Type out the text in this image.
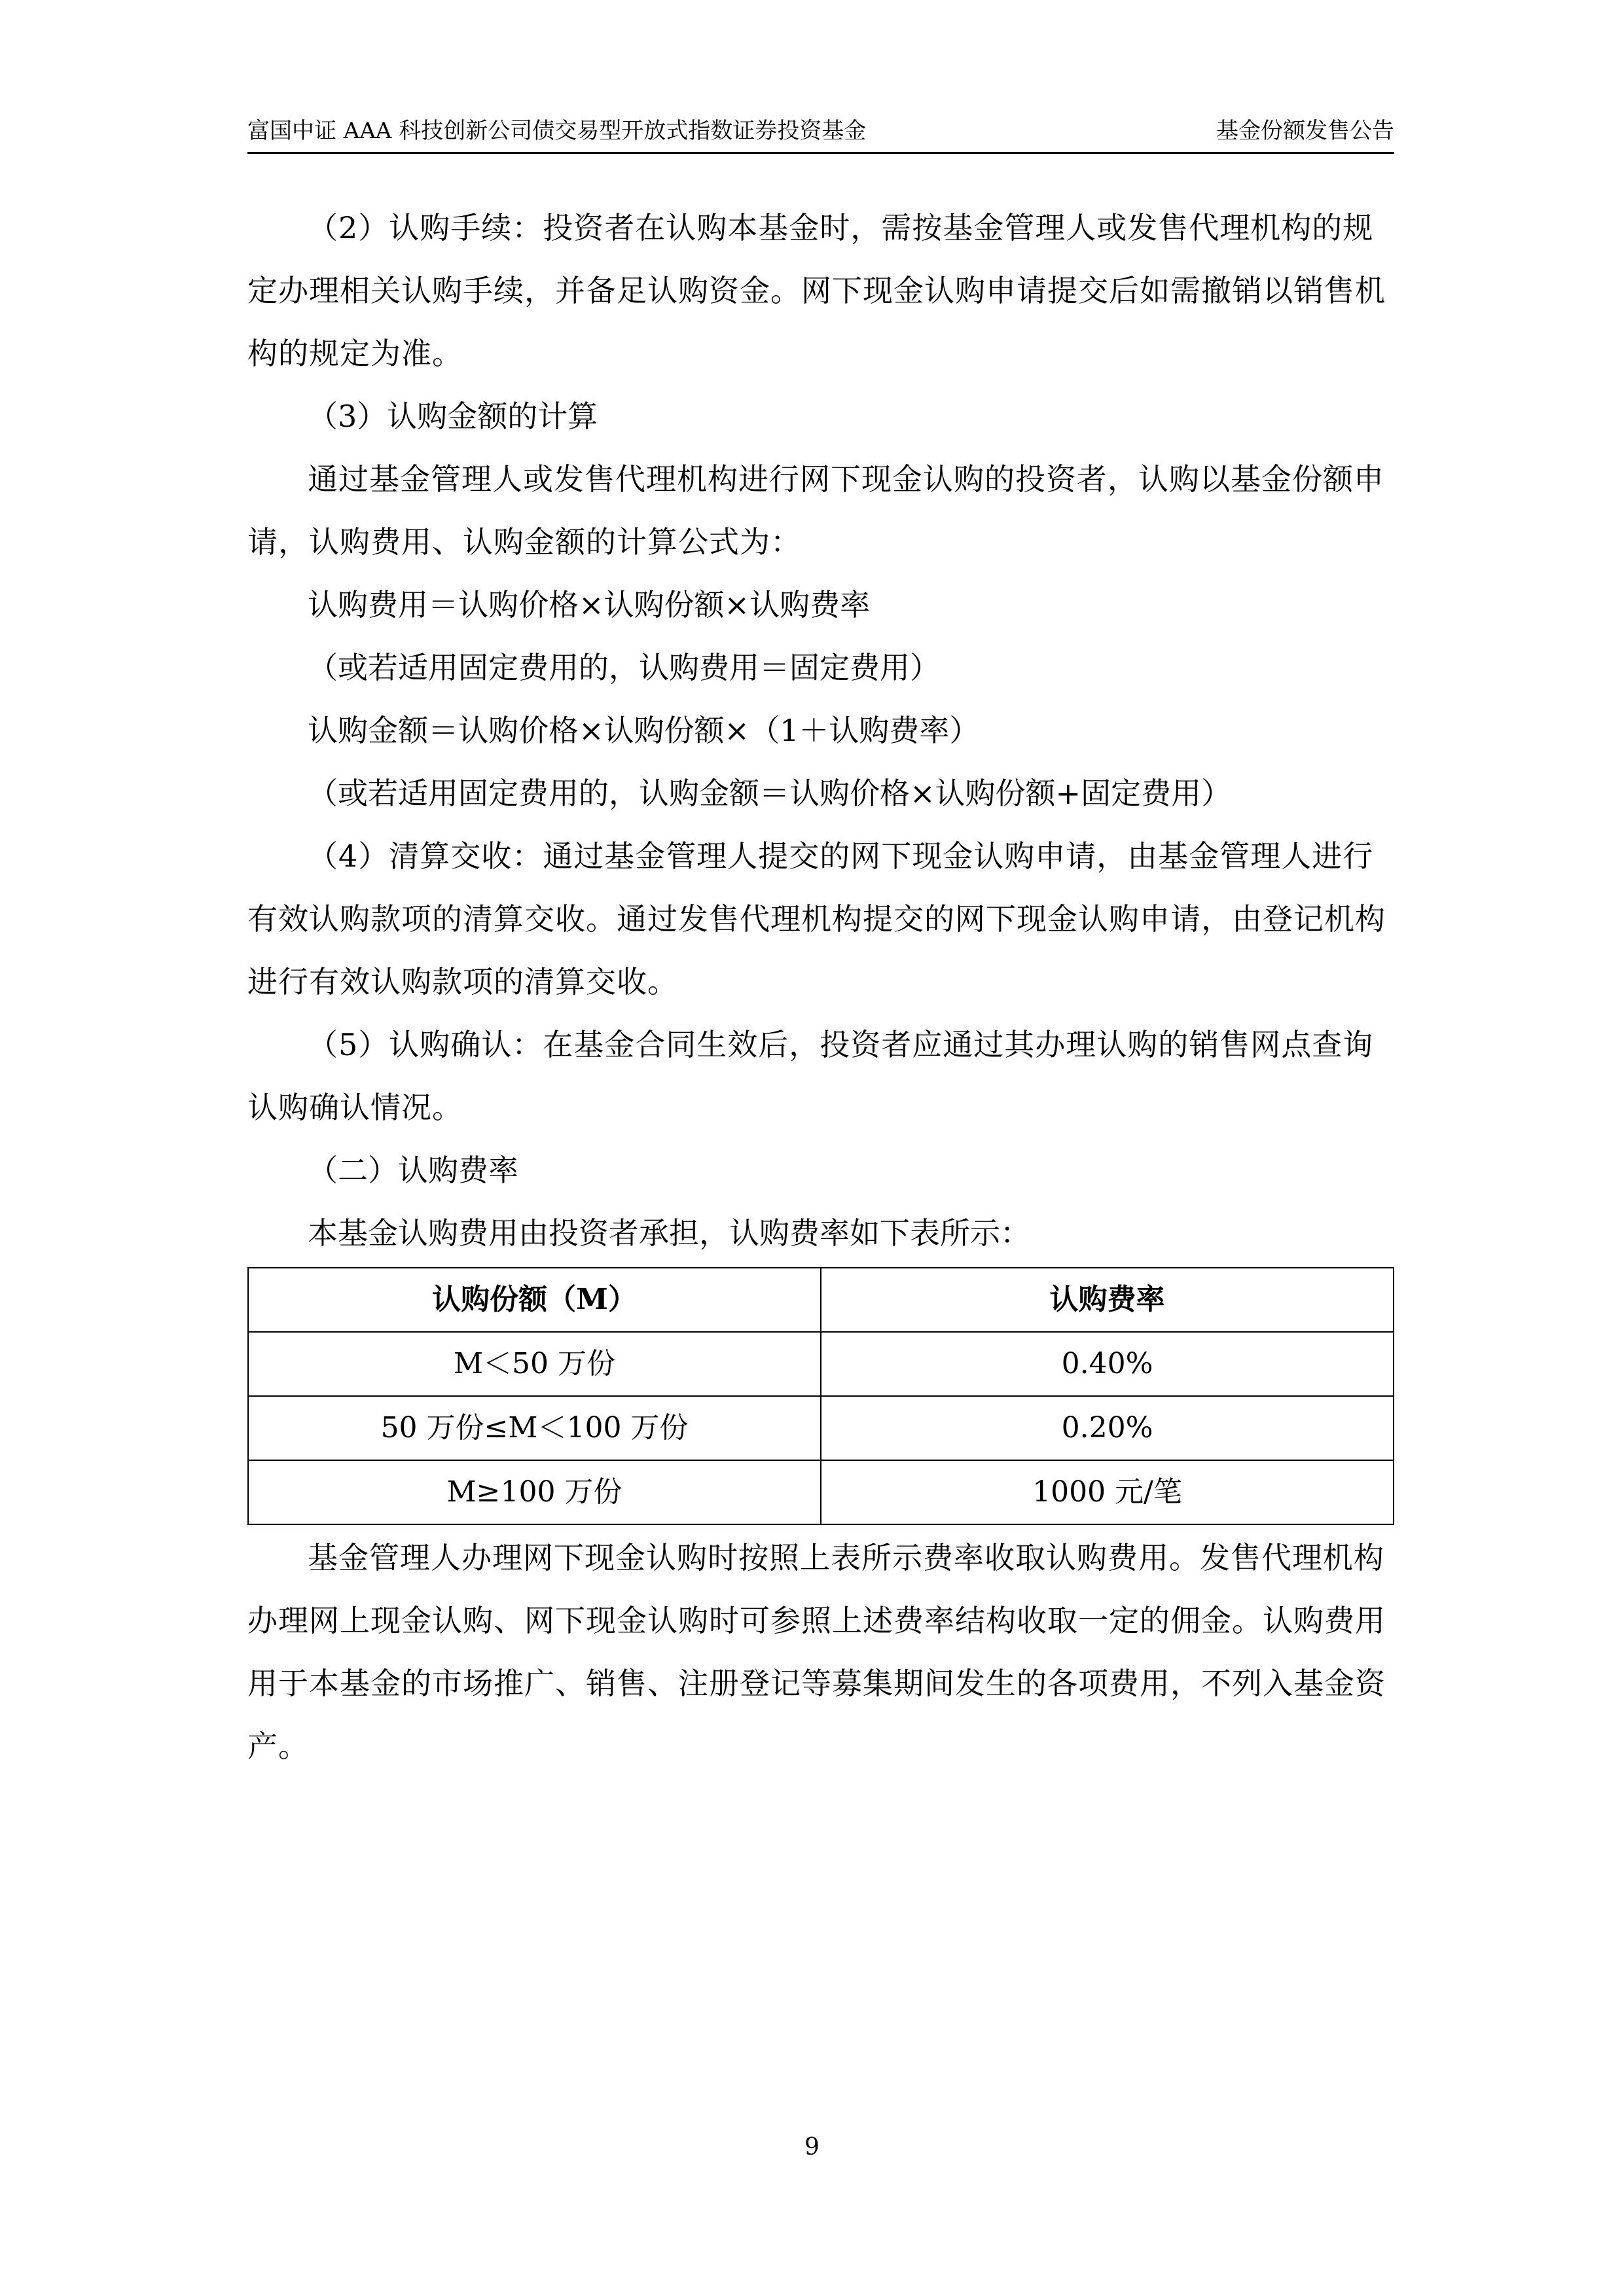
富国中证 AAA 科技创新公司债交易型开放式指数证券投资基金	基金份额发售公告

（2）认购手续：投资者在认购本基金时，需按基金管理人或发售代理机构的规定办理相关认购手续，并备足认购资金。网下现金认购申请提交后如需撤销以销售机构的规定为准。

（3）认购金额的计算

通过基金管理人或发售代理机构进行网下现金认购的投资者，认购以基金份额申请，认购费用、认购金额的计算公式为：

认购费用＝认购价格×认购份额×认购费率

（或若适用固定费用的，认购费用＝固定费用）

认购金额＝认购价格×认购份额×（1＋认购费率）

（或若适用固定费用的，认购金额＝认购价格×认购份额+固定费用）

（4）清算交收：通过基金管理人提交的网下现金认购申请，由基金管理人进行有效认购款项的清算交收。通过发售代理机构提交的网下现金认购申请，由登记机构进行有效认购款项的清算交收。

（5）认购确认：在基金合同生效后，投资者应通过其办理认购的销售网点查询认购确认情况。

（二）认购费率

本基金认购费用由投资者承担，认购费率如下表所示：

认购份额（M）	认购费率
M＜50 万份	0.40%
50 万份≤M＜100 万份	0.20%
M≥100 万份	1000 元/笔

基金管理人办理网下现金认购时按照上表所示费率收取认购费用。发售代理机构办理网上现金认购、网下现金认购时可参照上述费率结构收取一定的佣金。认购费用用于本基金的市场推广、销售、注册登记等募集期间发生的各项费用，不列入基金资产。

9
